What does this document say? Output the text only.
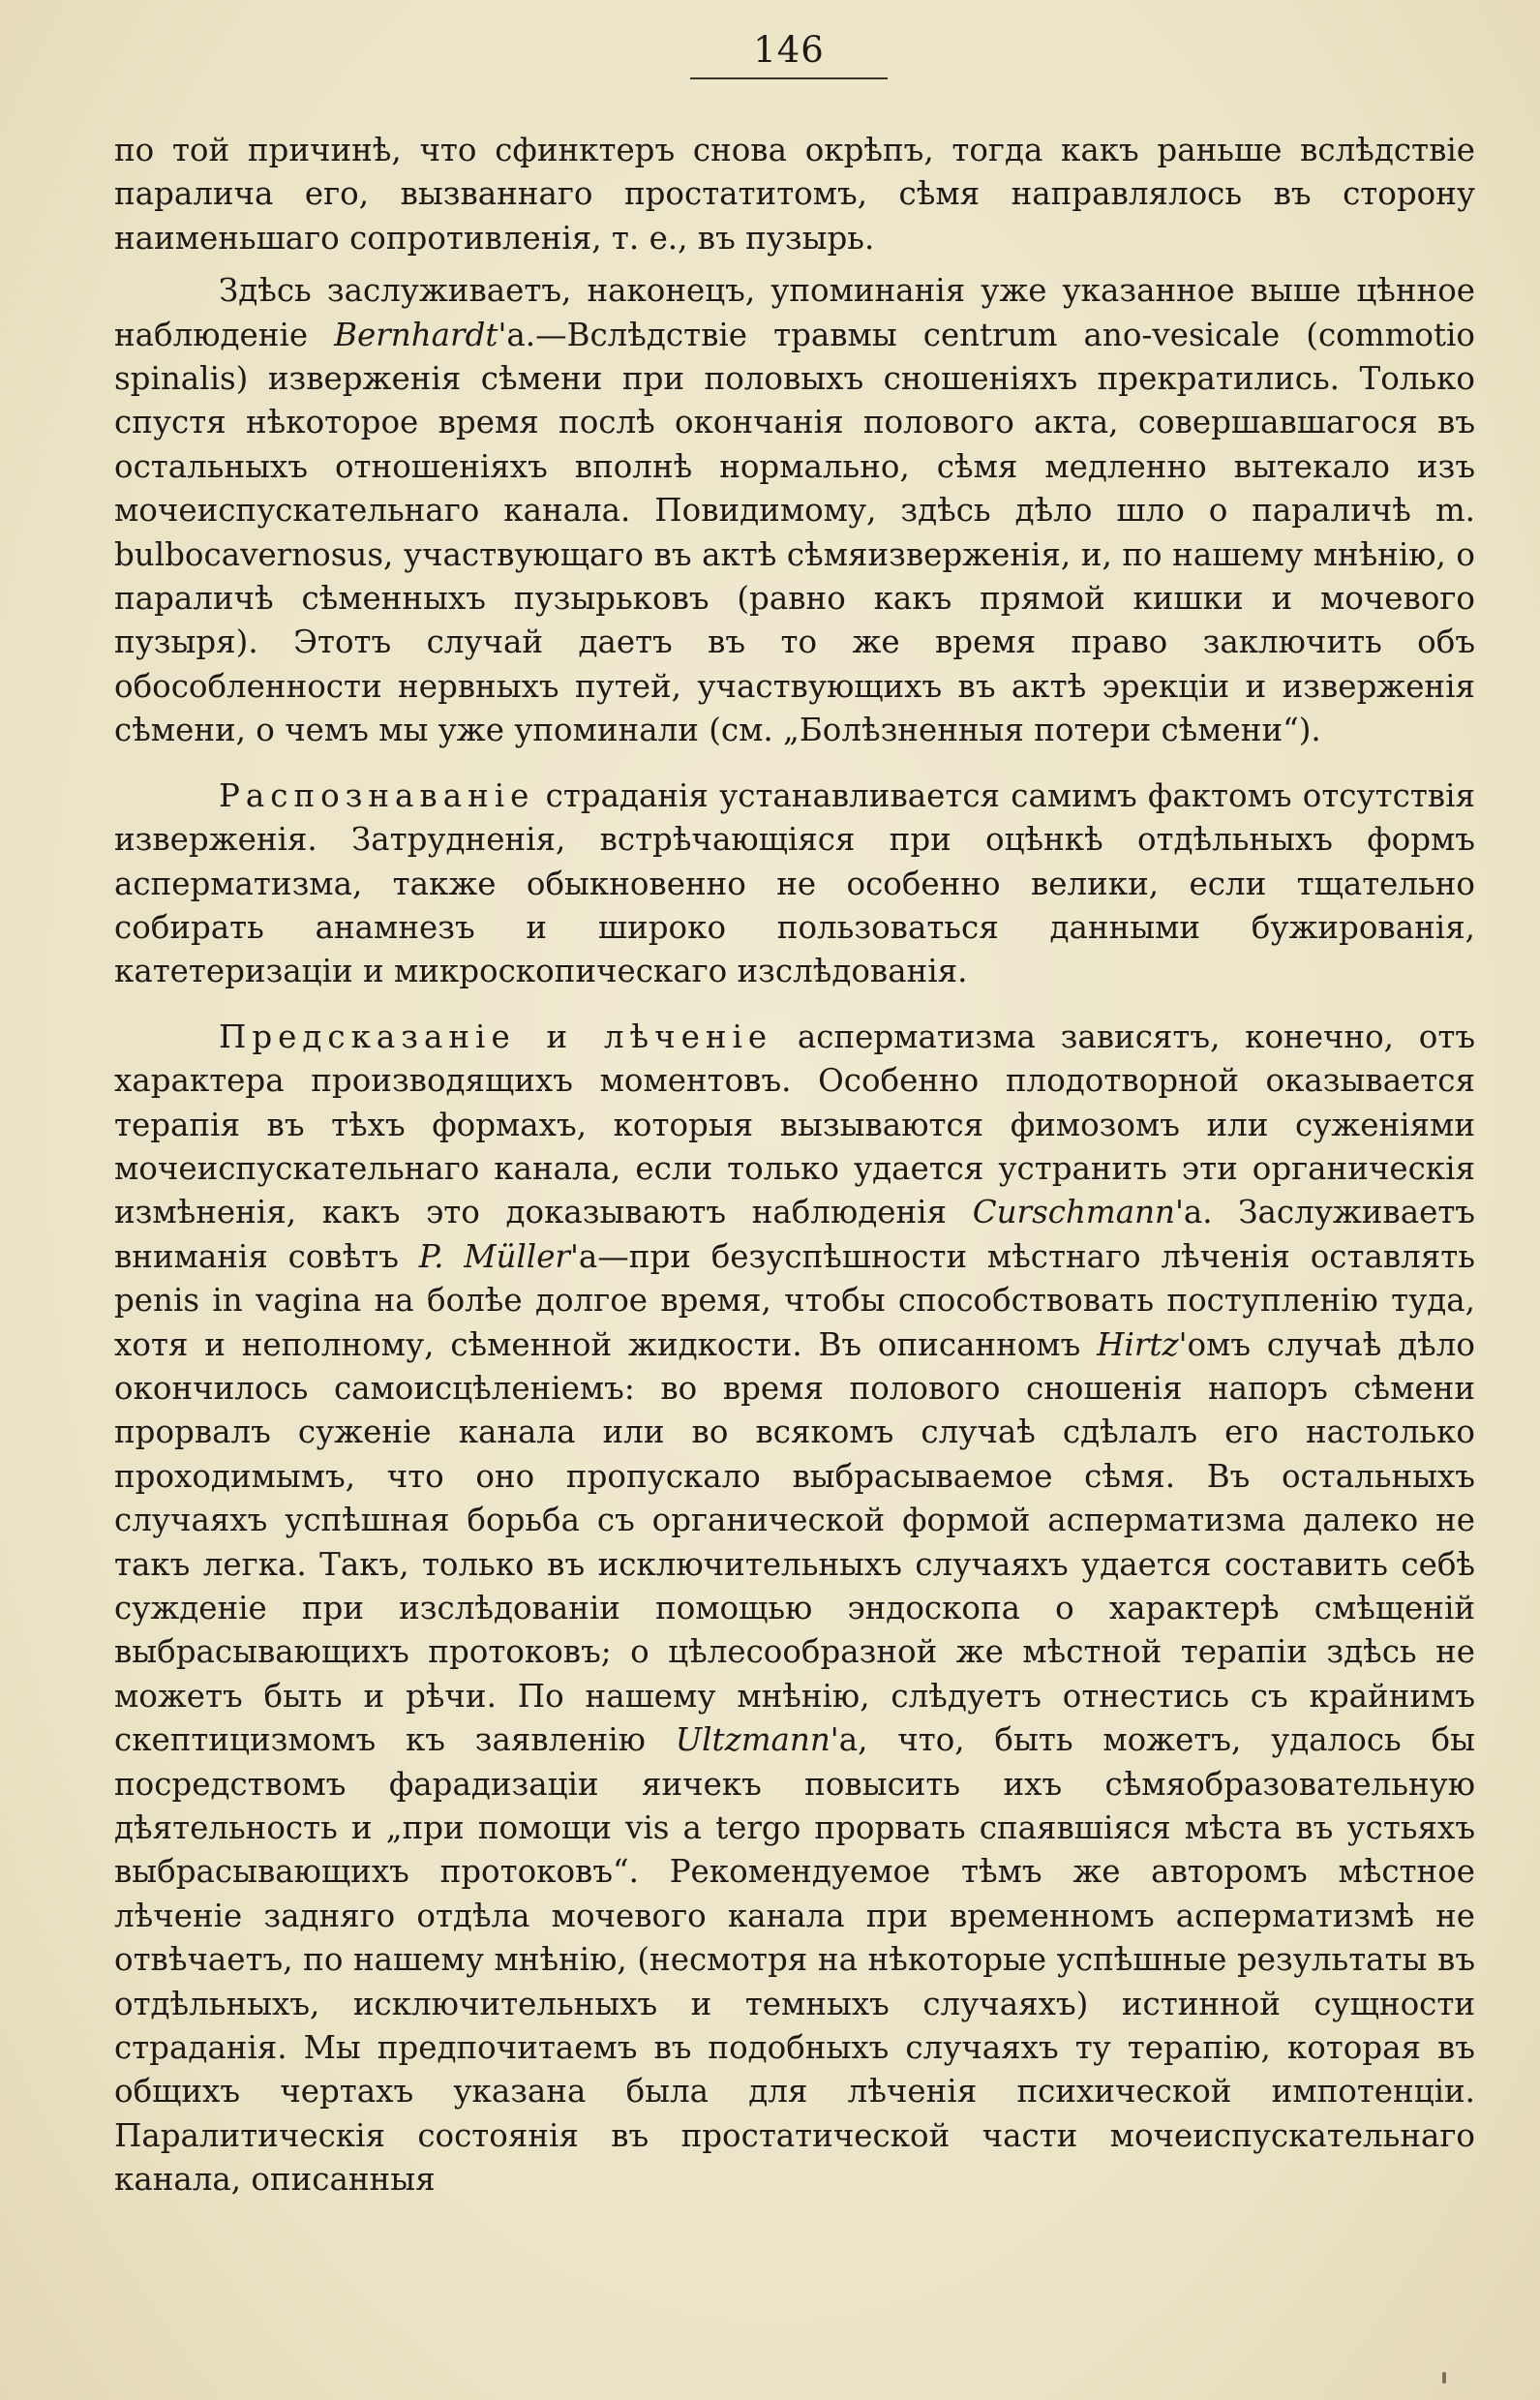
146

по той причинѣ, что сфинктеръ снова окрѣпъ, тогда какъ раньше вслѣдствіе паралича его, вызваннаго простатитомъ, сѣмя направлялось въ сторону наименьшаго сопротивленія, т. е., въ пузырь.

Здѣсь заслуживаетъ, наконецъ, упоминанія уже указанное выше цѣнное наблюденіе Bernhardt'а.—Вслѣдствіе травмы centrum ano-vesicale (commotio spinalis) изверженія сѣмени при половыхъ сношеніяхъ прекратились. Только спустя нѣкоторое время послѣ окончанія полового акта, совершавшагося въ остальныхъ отношеніяхъ вполнѣ нормально, сѣмя медленно вытекало изъ мочеиспускательнаго канала. Повидимому, здѣсь дѣло шло о параличѣ m. bulbocavernosus, участвующаго въ актѣ сѣмяизверженія, и, по нашему мнѣнію, о параличѣ сѣменныхъ пузырьковъ (равно какъ прямой кишки и мочевого пузыря). Этотъ случай даетъ въ то же время право заключить объ обособленности нервныхъ путей, участвующихъ въ актѣ эрекціи и изверженія сѣмени, о чемъ мы уже упоминали (см. „Болѣзненныя потери сѣмени“).

Распознаваніе страданія устанавливается самимъ фактомъ отсутствія изверженія. Затрудненія, встрѣчающіяся при оцѣнкѣ отдѣльныхъ формъ асперматизма, также обыкновенно не особенно велики, если тщательно собирать анамнезъ и широко пользоваться данными бужированія, катетеризаціи и микроскопическаго изслѣдованія.

Предсказаніе и лѣченіе асперматизма зависятъ, конечно, отъ характера производящихъ моментовъ. Особенно плодотворной оказывается терапія въ тѣхъ формахъ, которыя вызываются фимозомъ или суженіями мочеиспускательнаго канала, если только удается устранить эти органическія измѣненія, какъ это доказываютъ наблюденія Curschmann'а. Заслуживаетъ вниманія совѣтъ P. Müller'а—при безуспѣшности мѣстнаго лѣченія оставлять penis in vagina на болѣе долгое время, чтобы способствовать поступленію туда, хотя и неполному, сѣменной жидкости. Въ описанномъ Hirtz'омъ случаѣ дѣло окончилось самоисцѣленіемъ: во время полового сношенія напоръ сѣмени прорвалъ суженіе канала или во всякомъ случаѣ сдѣлалъ его настолько проходимымъ, что оно пропускало выбрасываемое сѣмя. Въ остальныхъ случаяхъ успѣшная борьба съ органической формой асперматизма далеко не такъ легка. Такъ, только въ исключительныхъ случаяхъ удается составить себѣ сужденіе при изслѣдованіи помощью эндоскопа о характерѣ смѣщеній выбрасывающихъ протоковъ; о цѣлесообразной же мѣстной терапіи здѣсь не можетъ быть и рѣчи. По нашему мнѣнію, слѣдуетъ отнестись съ крайнимъ скептицизмомъ къ заявленію Ultzmann'а, что, быть можетъ, удалось бы посредствомъ фарадизаціи яичекъ повысить ихъ сѣмяобразовательную дѣятельность и „при помощи vis a tergo прорвать спаявшіяся мѣста въ устьяхъ выбрасывающихъ протоковъ“. Рекомендуемое тѣмъ же авторомъ мѣстное лѣченіе задняго отдѣла мочевого канала при временномъ асперматизмѣ не отвѣчаетъ, по нашему мнѣнію, (несмотря на нѣкоторые успѣшные результаты въ отдѣльныхъ, исключительныхъ и темныхъ случаяхъ) истинной сущности страданія. Мы предпочитаемъ въ подобныхъ случаяхъ ту терапію, которая въ общихъ чертахъ указана была для лѣченія психической импотенціи. Паралитическія состоянія въ простатической части мочеиспускательнаго канала, описанныя
